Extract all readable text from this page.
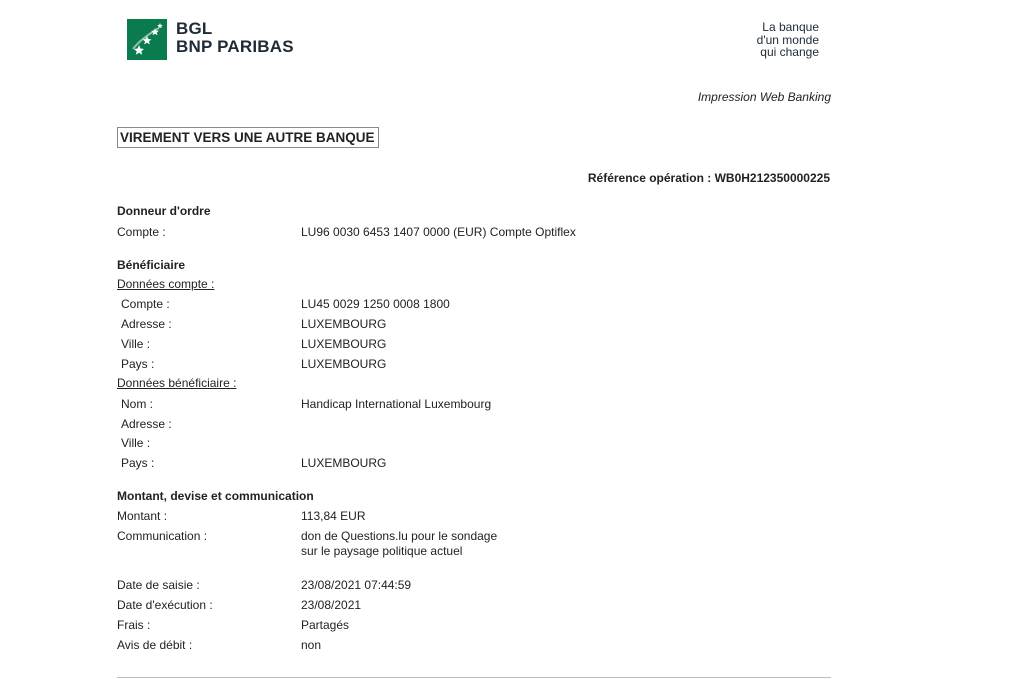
BGL
BNP PARIBAS
La banque
d'un monde
qui change
Impression Web Banking
VIREMENT VERS UNE AUTRE BANQUE
Référence opération : WB0H212350000225
Donneur d'ordre
Compte :	LU96 0030 6453 1407 0000 (EUR) Compte Optiflex
Bénéficiaire
Données compte :
Compte :	LU45 0029 1250 0008 1800
Adresse :	LUXEMBOURG
Ville :	LUXEMBOURG
Pays :	LUXEMBOURG
Données bénéficiaire :
Nom :	Handicap International Luxembourg
Adresse :
Ville :
Pays :	LUXEMBOURG
Montant, devise et communication
Montant :	113,84 EUR
Communication :	don de Questions.lu pour le sondage
sur le paysage politique actuel
Date de saisie :	23/08/2021 07:44:59
Date d'exécution :	23/08/2021
Frais :	Partagés
Avis de débit :	non
